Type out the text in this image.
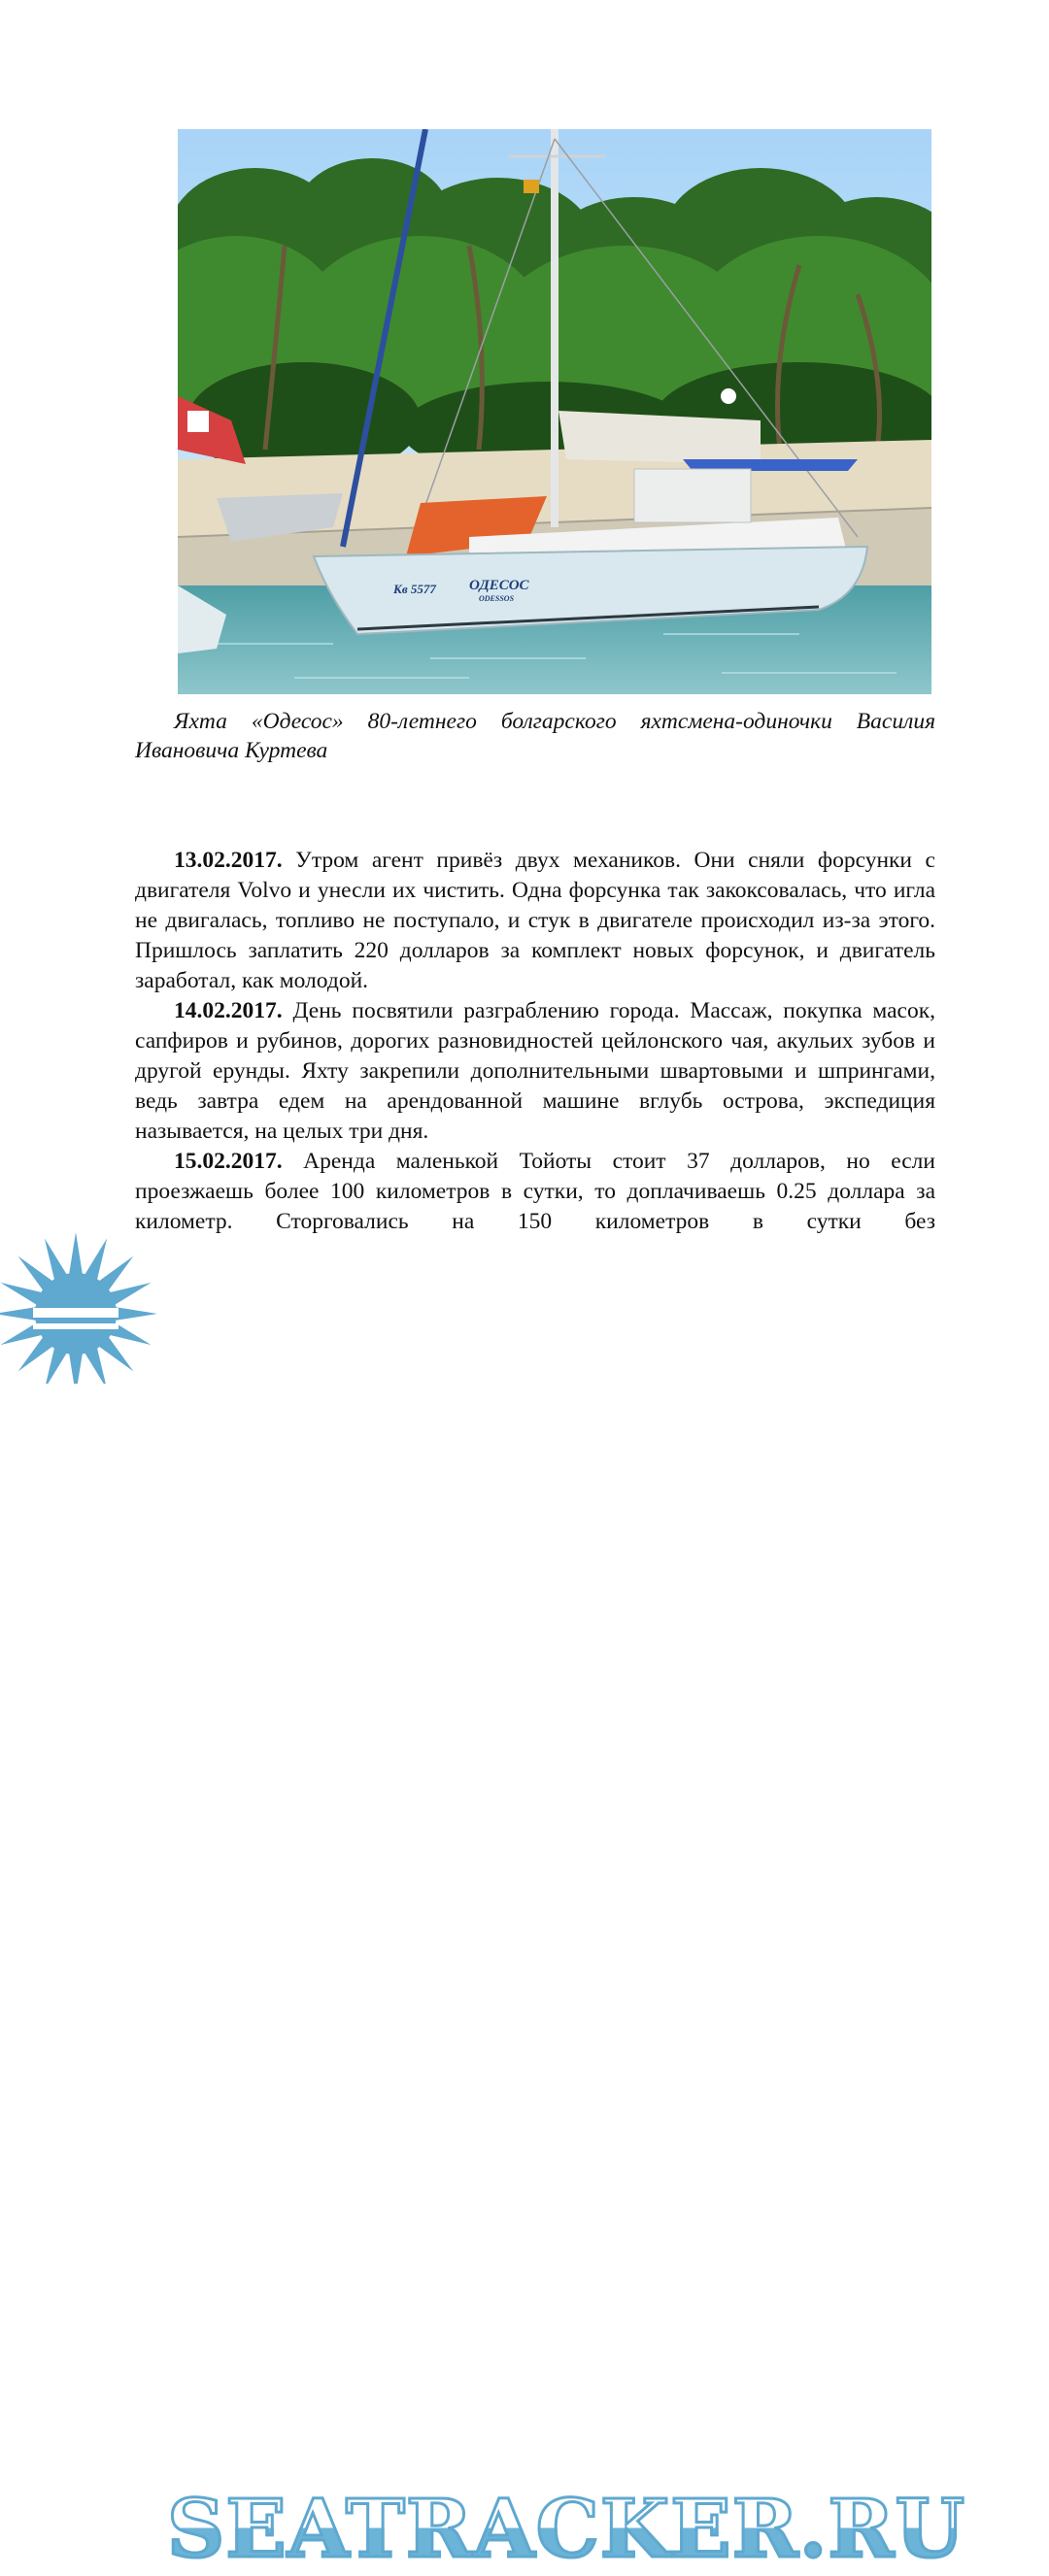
Кв 5577 ОДЕСОС
ODESSOS

Яхта «Одесос» 80-летнего болгарского яхтсмена-одиночки Василия Ивановича Куртева

13.02.2017. Утром агент привёз двух механиков. Они сняли форсунки с двигателя Volvo и унесли их чистить. Одна форсунка так закоксовалась, что игла не двигалась, топливо не поступало, и стук в двигателе происходил из-за этого. Пришлось заплатить 220 долларов за комплект новых форсунок, и двигатель заработал, как молодой.

14.02.2017. День посвятили разграблению города. Массаж, покупка масок, сапфиров и рубинов, дорогих разновидностей цейлонского чая, акульих зубов и другой ерунды. Яхту закрепили дополнительными швартовыми и шпрингами, ведь завтра едем на арендованной машине вглубь острова, экспедиция называется, на целых три дня.

15.02.2017. Аренда маленькой Тойоты стоит 37 долларов, но если проезжаешь более 100 километров в сутки, то доплачиваешь 0.25 доллара за километр. Сторговались на 150 километров в сутки без

SEATRACKER.RU
